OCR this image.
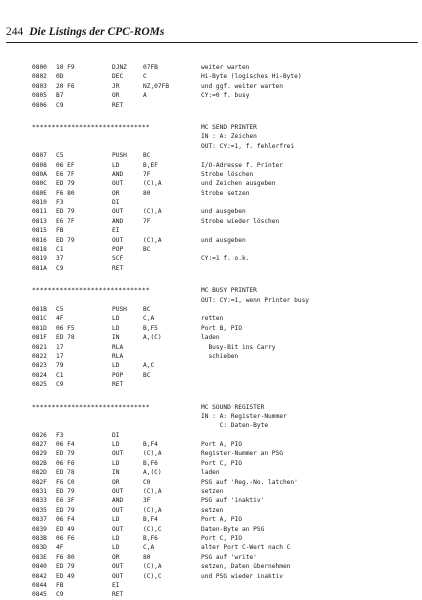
244 Die Listings der CPC-ROMs
0800 10 F9	DJNZ	07FB	weiter warten
0802 0D	DEC	C	Hi-Byte (logisches Hi-Byte)
0803 20 F6	JR	NZ,07FB	und ggf. weiter warten
0805 B7	OR	A	CY:=0 f. busy
0806 C9	RET
******************************	MC SEND PRINTER
IN : A: Zeichen
OUT: CY:=1, f. fehlerfrei
0807 C5	PUSH	BC
0808 06 EF	LD	B,EF	I/O-Adresse f. Printer
080A E6 7F	AND	7F	Strobe löschen
080C ED 79	OUT	(C),A	und Zeichen ausgeben
080E F6 80	OR	80	Strobe setzen
0810 F3	DI
0811 ED 79	OUT	(C),A	und ausgeben
0813 E6 7F	AND	7F	Strobe wieder löschen
0815 FB	EI
0816 ED 79	OUT	(C),A	und ausgeben
0818 C1	POP	BC
0819 37	SCF	CY:=1 f. o.k.
081A C9	RET
******************************	MC BUSY PRINTER
OUT: CY:=1, wenn Printer busy
081B C5	PUSH	BC
081C 4F	LD	C,A	retten
081D 06 F5	LD	B,F5	Port B, PIO
081F ED 78	IN	A,(C)	laden
0821 17	RLA	Busy-Bit ins Carry
0822 17	RLA	schieben
0823 79	LD	A,C
0824 C1	POP	BC
0825 C9	RET
******************************	MC SOUND REGISTER
IN : A: Register-Nummer
C: Daten-Byte
0826 F3	DI
0827 06 F4	LD	B,F4	Port A, PIO
0829 ED 79	OUT	(C),A	Register-Nummer an PSG
082B 06 F6	LD	B,F6	Port C, PIO
082D ED 78	IN	A,(C)	laden
082F F6 C0	OR	C0	PSG auf 'Reg.-No. latchen'
0831 ED 79	OUT	(C),A	setzen
0833 E6 3F	AND	3F	PSG auf 'inaktiv'
0835 ED 79	OUT	(C),A	setzen
0837 06 F4	LD	B,F4	Port A, PIO
0839 ED 49	OUT	(C),C	Daten-Byte an PSG
083B 06 F6	LD	B,F6	Port C, PIO
083D 4F	LD	C,A	alter Port C-Wert nach C
083E F6 80	OR	80	PSG auf 'write'
0840 ED 79	OUT	(C),A	setzen, Daten übernehmen
0842 ED 49	OUT	(C),C	und PSG wieder inaktiv
0844 FB	EI
0845 C9	RET
